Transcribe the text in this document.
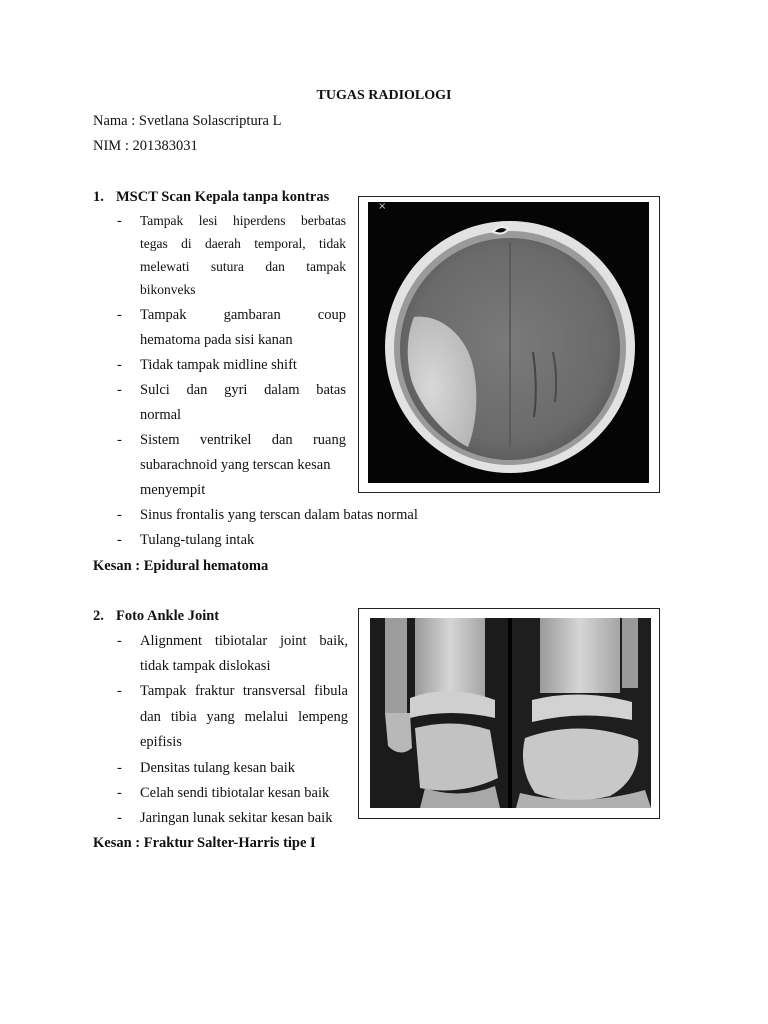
TUGAS RADIOLOGI
Nama : Svetlana Solascriptura L
NIM : 201383031
1. MSCT Scan Kepala tanpa kontras
- Tampak lesi hiperdens berbatas
tegas di daerah temporal, tidak
melewati sutura dan tampak
bikonveks
- Tampak gambaran coup
hematoma pada sisi kanan
- Tidak tampak midline shift
- Sulci dan gyri dalam batas
normal
- Sistem ventrikel dan ruang
subarachnoid yang terscan kesan
menyempit
- Sinus frontalis yang terscan dalam batas normal
- Tulang-tulang intak
Kesan : Epidural hematoma
×
2. Foto Ankle Joint
- Alignment tibiotalar joint baik,
tidak tampak dislokasi
- Tampak fraktur transversal fibula
dan tibia yang melalui lempeng
epifisis
- Densitas tulang kesan baik
- Celah sendi tibiotalar kesan baik
- Jaringan lunak sekitar kesan baik
Kesan : Fraktur Salter-Harris tipe I
